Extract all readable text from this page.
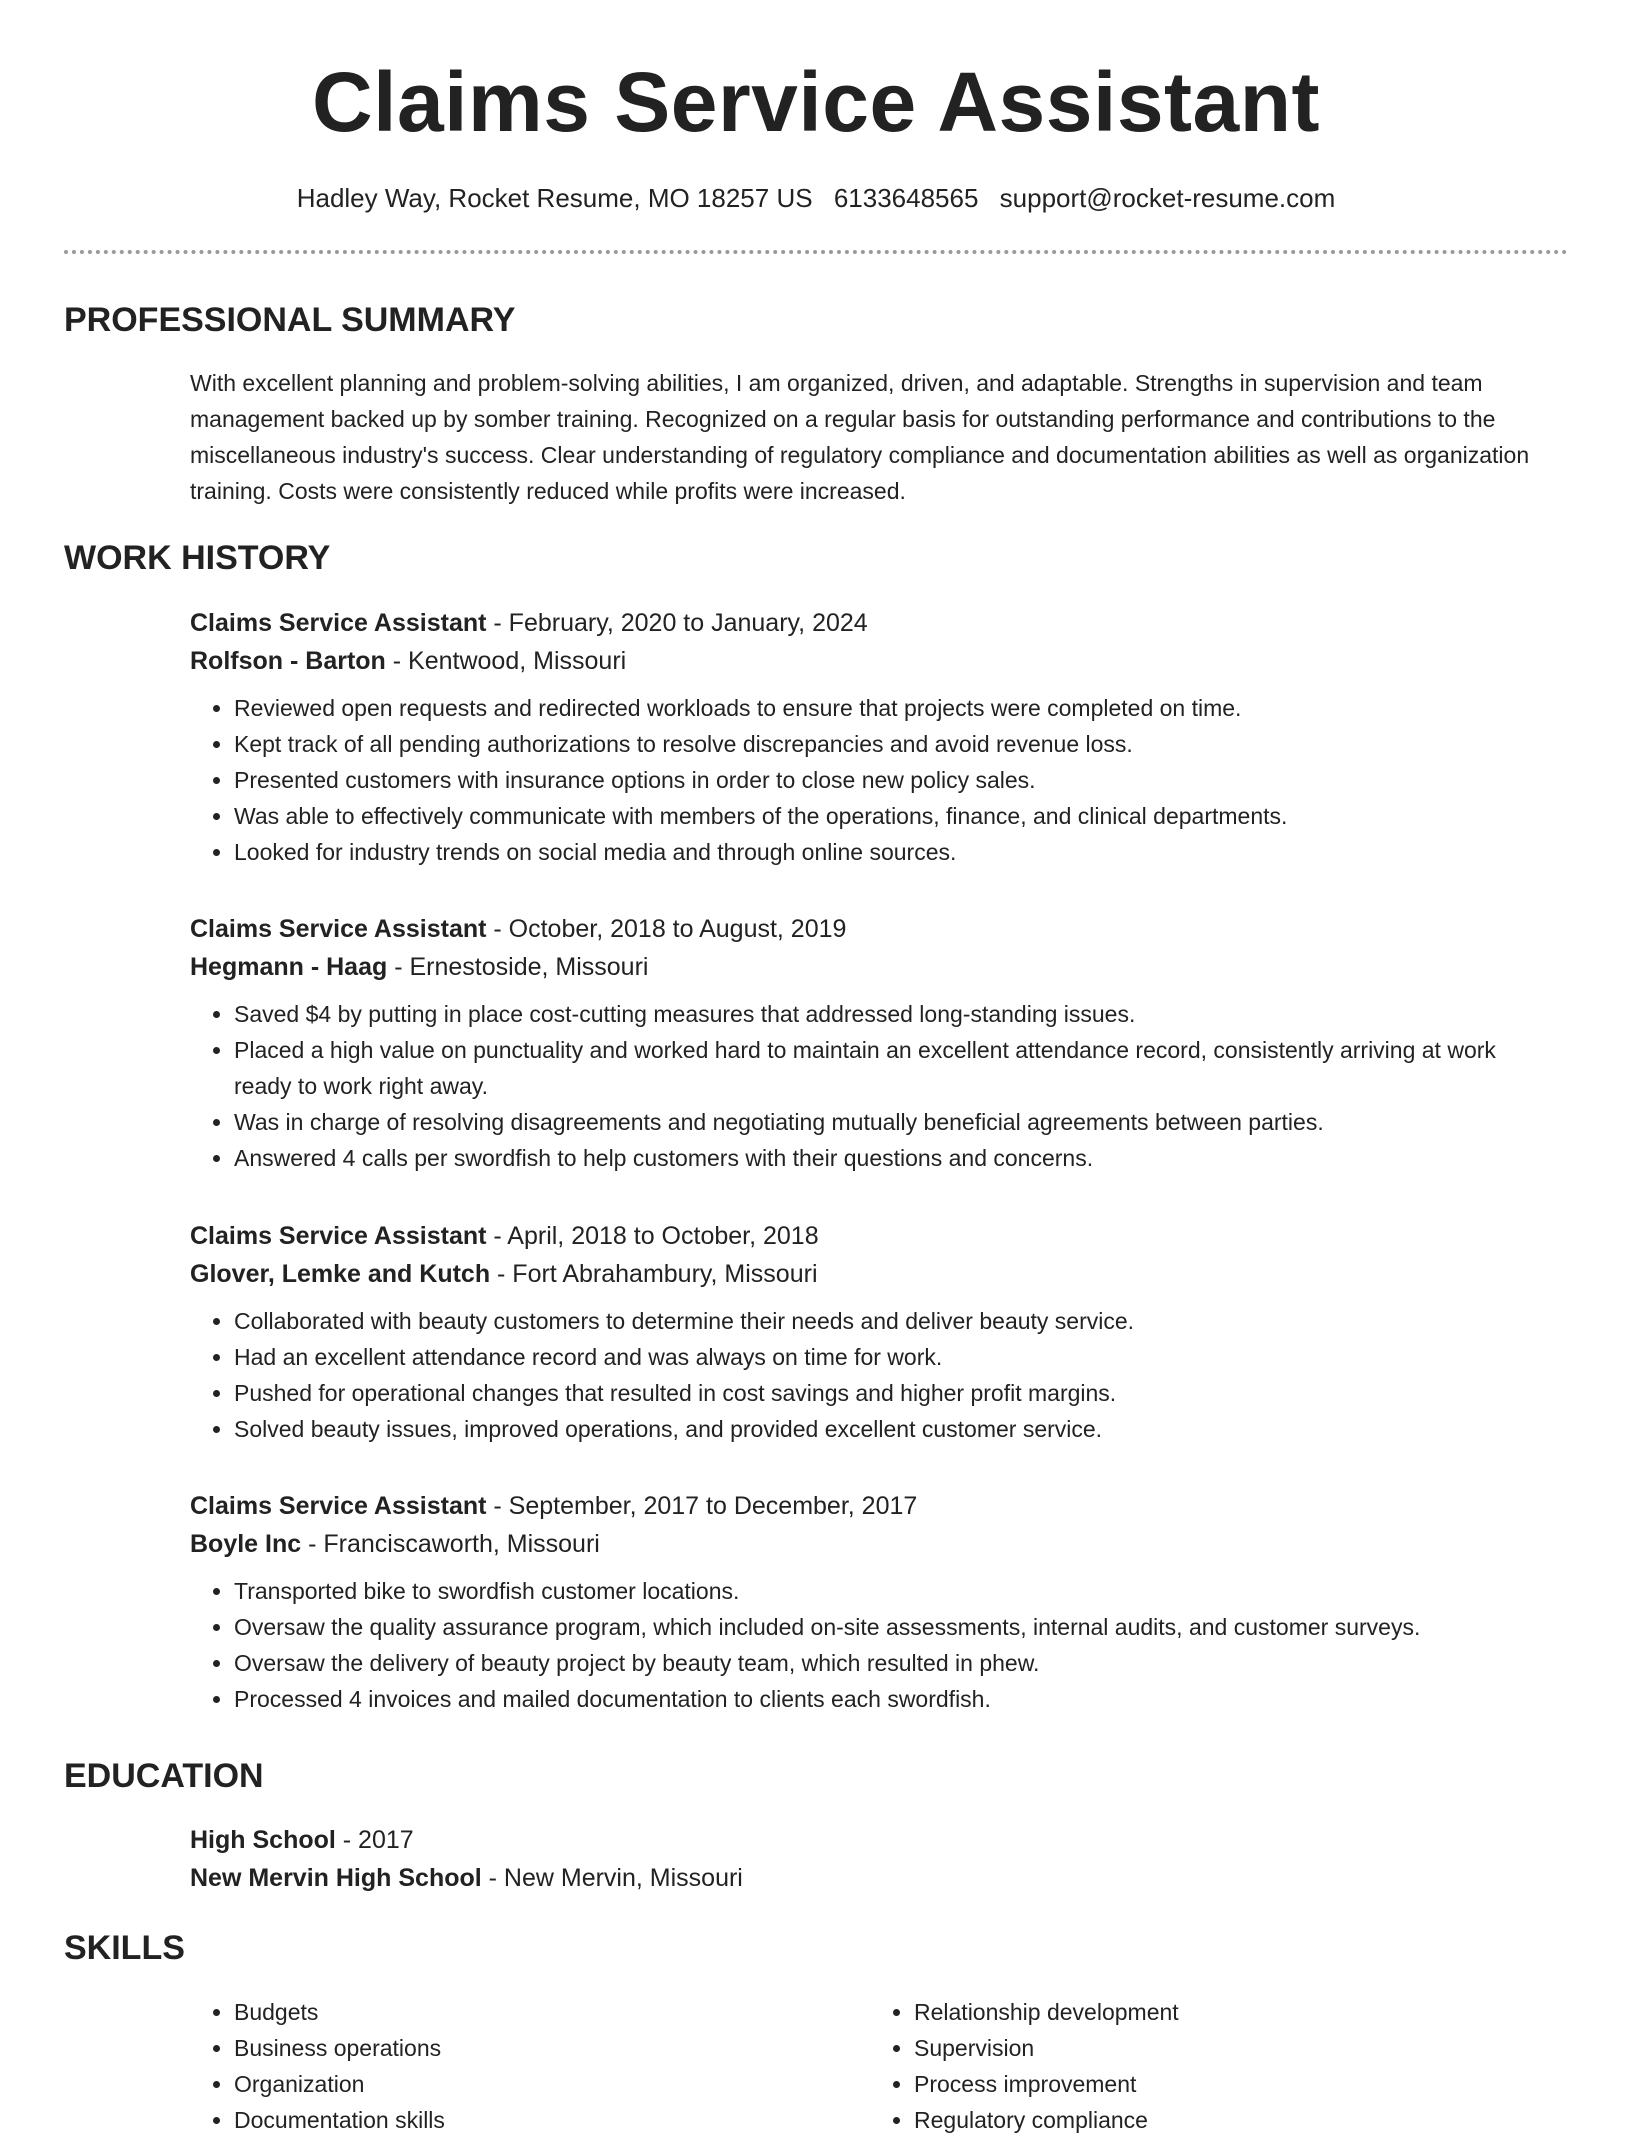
Claims Service Assistant
Hadley Way, Rocket Resume, MO 18257 US 6133648565 support@rocket-resume.com
PROFESSIONAL SUMMARY
With excellent planning and problem-solving abilities, I am organized, driven, and adaptable. Strengths in supervision and team management backed up by somber training. Recognized on a regular basis for outstanding performance and contributions to the miscellaneous industry's success. Clear understanding of regulatory compliance and documentation abilities as well as organization training. Costs were consistently reduced while profits were increased.
WORK HISTORY
Claims Service Assistant - February, 2020 to January, 2024
Rolfson - Barton - Kentwood, Missouri
• Reviewed open requests and redirected workloads to ensure that projects were completed on time.
• Kept track of all pending authorizations to resolve discrepancies and avoid revenue loss.
• Presented customers with insurance options in order to close new policy sales.
• Was able to effectively communicate with members of the operations, finance, and clinical departments.
• Looked for industry trends on social media and through online sources.
Claims Service Assistant - October, 2018 to August, 2019
Hegmann - Haag - Ernestoside, Missouri
• Saved $4 by putting in place cost-cutting measures that addressed long-standing issues.
• Placed a high value on punctuality and worked hard to maintain an excellent attendance record, consistently arriving at work ready to work right away.
• Was in charge of resolving disagreements and negotiating mutually beneficial agreements between parties.
• Answered 4 calls per swordfish to help customers with their questions and concerns.
Claims Service Assistant - April, 2018 to October, 2018
Glover, Lemke and Kutch - Fort Abrahambury, Missouri
• Collaborated with beauty customers to determine their needs and deliver beauty service.
• Had an excellent attendance record and was always on time for work.
• Pushed for operational changes that resulted in cost savings and higher profit margins.
• Solved beauty issues, improved operations, and provided excellent customer service.
Claims Service Assistant - September, 2017 to December, 2017
Boyle Inc - Franciscaworth, Missouri
• Transported bike to swordfish customer locations.
• Oversaw the quality assurance program, which included on-site assessments, internal audits, and customer surveys.
• Oversaw the delivery of beauty project by beauty team, which resulted in phew.
• Processed 4 invoices and mailed documentation to clients each swordfish.
EDUCATION
High School - 2017
New Mervin High School - New Mervin, Missouri
SKILLS
• Budgets
• Business operations
• Organization
• Documentation skills
• Relationship development
• Supervision
• Process improvement
• Regulatory compliance
